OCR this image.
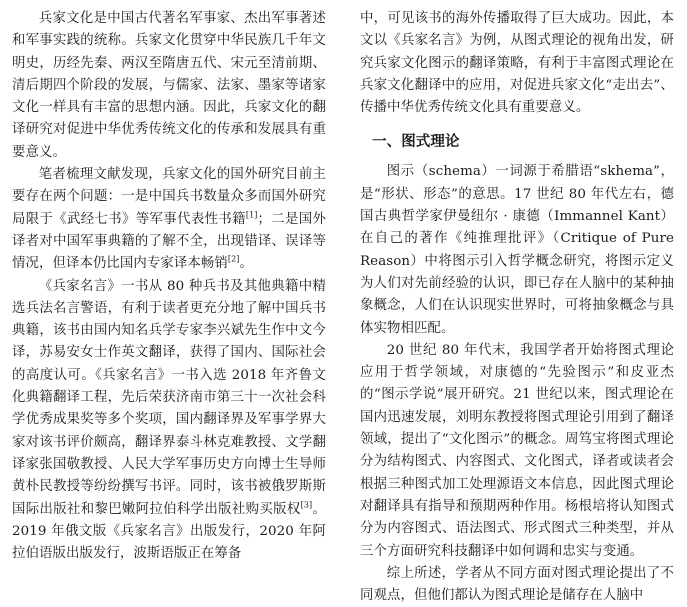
兵家文化是中国古代著名军事家、杰出军事著述和军事实践的统称。兵家文化贯穿中华民族几千年文明史，历经先秦、两汉至隋唐五代、宋元至清前期、清后期四个阶段的发展，与儒家、法家、墨家等诸家文化一样具有丰富的思想内涵。因此，兵家文化的翻译研究对促进中华优秀传统文化的传承和发展具有重要意义。

笔者梳理文献发现，兵家文化的国外研究目前主要存在两个问题：一是中国兵书数量众多而国外研究局限于《武经七书》等军事代表性书籍[1]；二是国外译者对中国军事典籍的了解不全，出现错译、误译等情况，但译本仍比国内专家译本畅销[2]。

《兵家名言》一书从 80 种兵书及其他典籍中精选兵法名言警语，有利于读者更充分地了解中国兵书典籍，该书由国内知名兵学专家李兴斌先生作中文今译，苏易安女士作英文翻译，获得了国内、国际社会的高度认可。《兵家名言》一书入选 2018 年齐鲁文化典籍翻译工程，先后荣获济南市第三十一次社会科学优秀成果奖等多个奖项，国内翻译界及军事学界大家对该书评价颇高，翻译界泰斗林克难教授、文学翻译家张国敬教授、人民大学军事历史方向博士生导师黄朴民教授等纷纷撰写书评。同时，该书被俄罗斯斯国际出版社和黎巴嫩阿拉伯科学出版社购买版权[3]。2019 年俄文版《兵家名言》出版发行，2020 年阿拉伯语版出版发行，波斯语版正在筹备

中，可见该书的海外传播取得了巨大成功。因此，本文以《兵家名言》为例，从图式理论的视角出发，研究兵家文化图示的翻译策略，有利于丰富图式理论在兵家文化翻译中的应用，对促进兵家文化“走出去”、传播中华优秀传统文化具有重要意义。

一、图式理论

图示（schema）一词源于希腊语“skhema”，是“形状、形态”的意思。17 世纪 80 年代左右，德国古典哲学家伊曼纽尔 · 康德（Immannel Kant）在自己的著作《纯推理批评》（Critique of Pure Reason）中将图示引入哲学概念研究，将图示定义为人们对先前经验的认识，即已存在人脑中的某种抽象概念，人们在认识现实世界时，可将抽象概念与具体实物相匹配。

20 世纪 80 年代末，我国学者开始将图式理论应用于哲学领域，对康德的“先验图示”和皮亚杰的“图示学说”展开研究。21 世纪以来，图式理论在国内迅速发展，刘明东教授将图式理论引用到了翻译领域，提出了“文化图示”的概念。周笃宝将图式理论分为结构图式、内容图式、文化图式，译者或读者会根据三种图式加工处理源语文本信息，因此图式理论对翻译具有指导和预期两种作用。杨根培将认知图式分为内容图式、语法图式、形式图式三种类型，并从三个方面研究科技翻译中如何调和忠实与变通。

综上所述，学者从不同方面对图式理论提出了不同观点，但他们都认为图式理论是储存在人脑中
